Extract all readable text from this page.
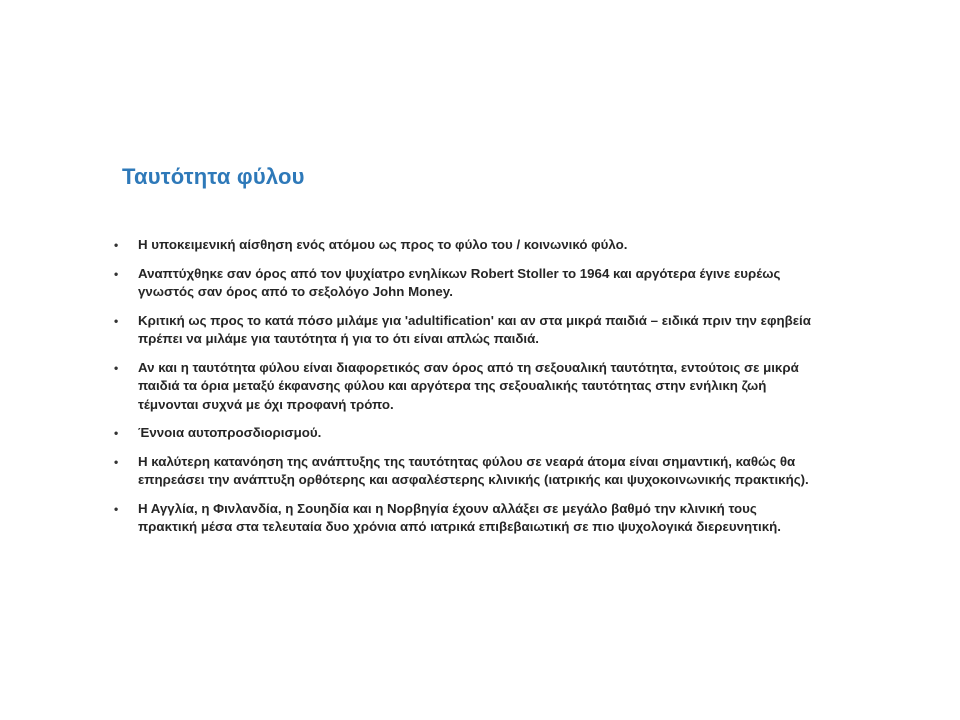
Ταυτότητα φύλου
• Η υποκειμενική αίσθηση ενός ατόμου ως προς το φύλο του / κοινωνικό φύλο.
• Αναπτύχθηκε σαν όρος από τον ψυχίατρο ενηλίκων Robert Stoller το 1964 και αργότερα έγινε ευρέως γνωστός σαν όρος από το σεξολόγο John Money.
• Κριτική ως προς το κατά πόσο μιλάμε για 'adultification' και αν στα μικρά παιδιά – ειδικά πριν την εφηβεία πρέπει να μιλάμε για ταυτότητα ή για το ότι είναι απλώς παιδιά.
• Αν και η ταυτότητα φύλου είναι διαφορετικός σαν όρος από τη σεξουαλική ταυτότητα, εντούτοις σε μικρά παιδιά τα όρια μεταξύ έκφανσης φύλου και αργότερα της σεξουαλικής ταυτότητας στην ενήλικη ζωή τέμνονται συχνά με όχι προφανή τρόπο.
• Έννοια αυτοπροσδιορισμού.
• Η καλύτερη κατανόηση της ανάπτυξης της ταυτότητας φύλου σε νεαρά άτομα είναι σημαντική, καθώς θα επηρεάσει την ανάπτυξη ορθότερης και ασφαλέστερης κλινικής (ιατρικής και ψυχοκοινωνικής πρακτικής).
• Η Αγγλία, η Φινλανδία, η Σουηδία και η Νορβηγία έχουν αλλάξει σε μεγάλο βαθμό την κλινική τους πρακτική μέσα στα τελευταία δυο χρόνια από ιατρικά επιβεβαιωτική σε πιο ψυχολογικά διερευνητική.
